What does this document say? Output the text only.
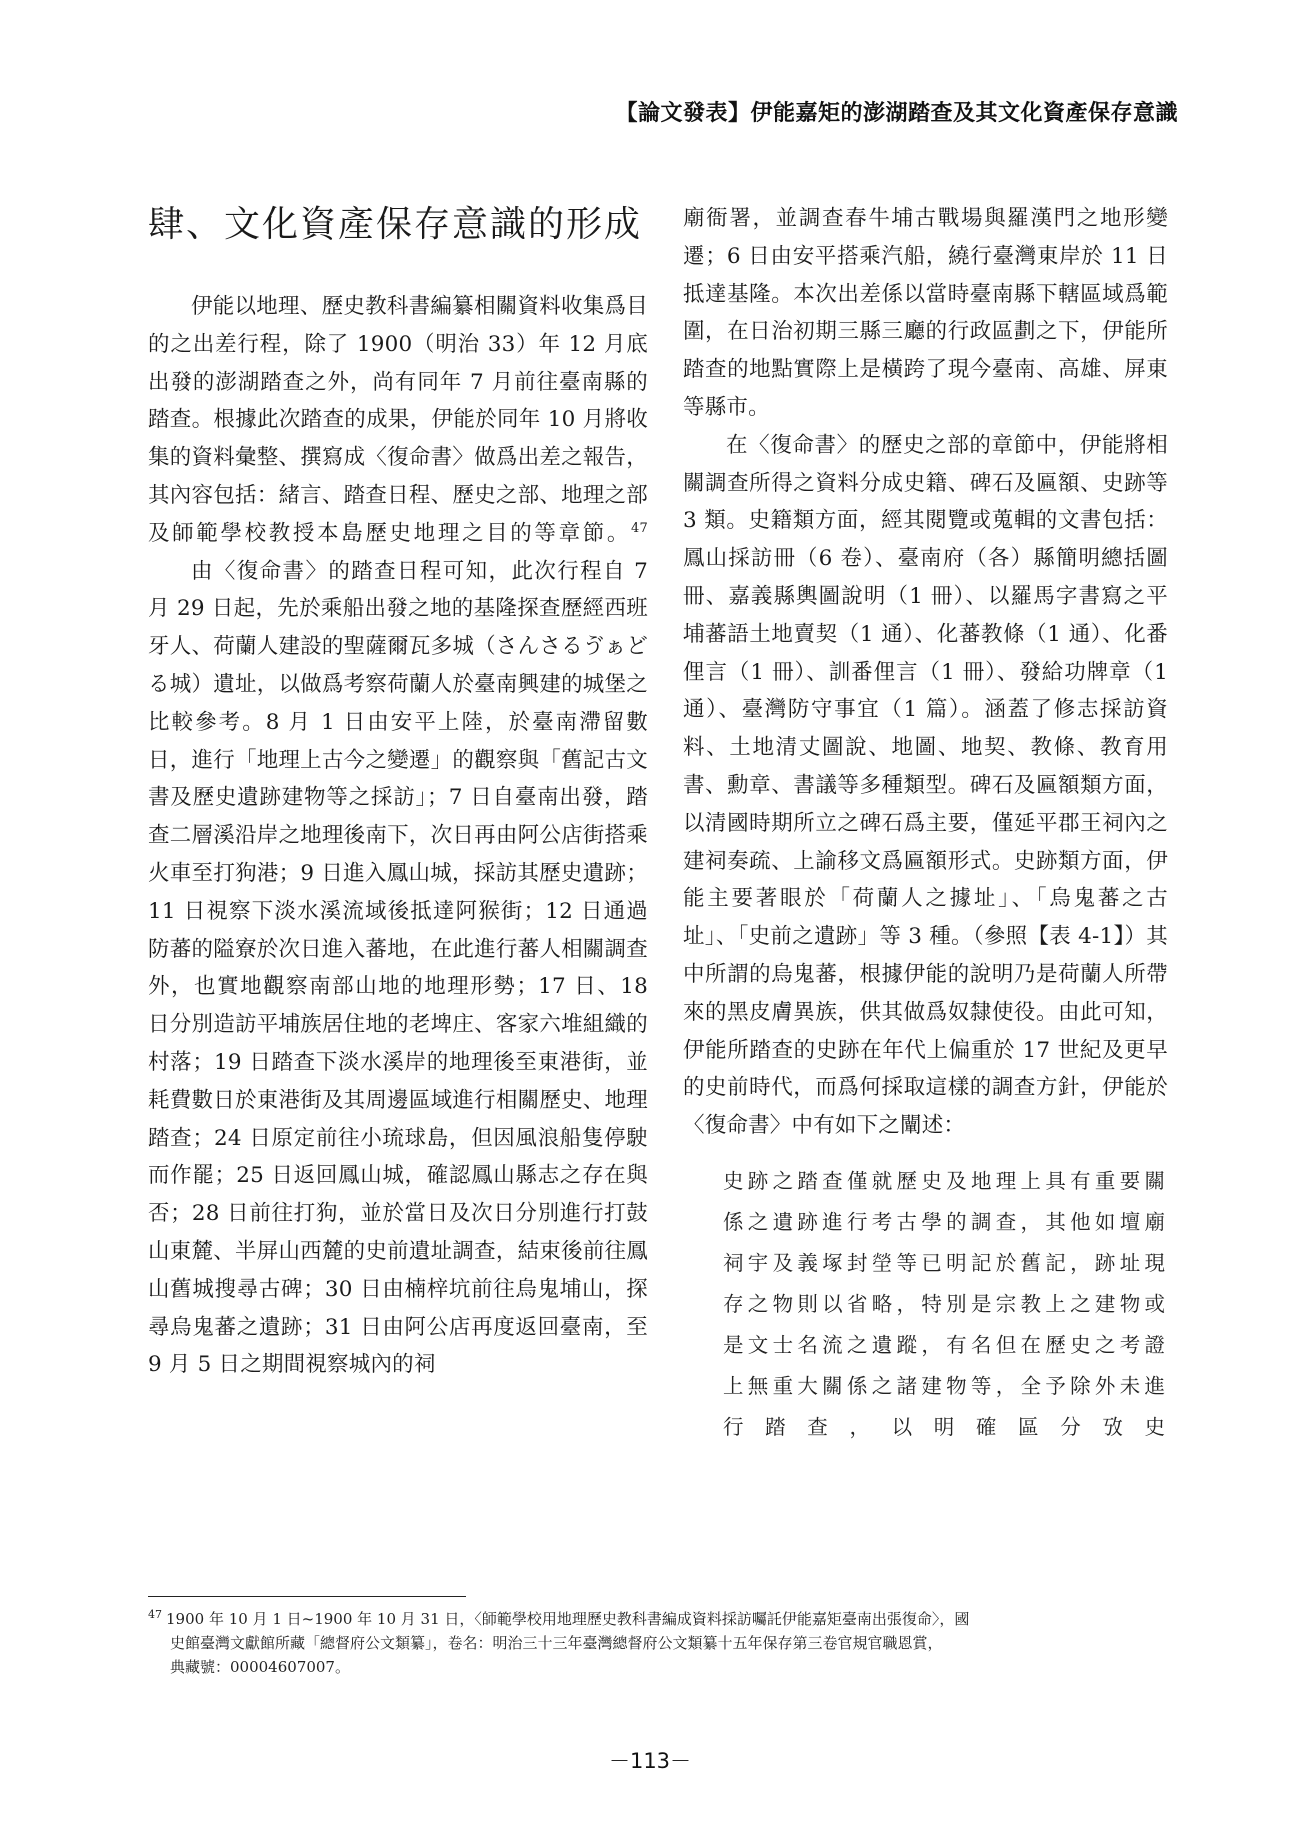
【論文發表】伊能嘉矩的澎湖踏查及其文化資產保存意識
肆、文化資產保存意識的形成

伊能以地理、歷史教科書編纂相關資料收集爲目的之出差行程，除了 1900（明治 33）年 12 月底出發的澎湖踏查之外，尚有同年 7 月前往臺南縣的踏查。根據此次踏查的成果，伊能於同年 10 月將收集的資料彙整、撰寫成〈復命書〉做爲出差之報告，其內容包括：緒言、踏查日程、歷史之部、地理之部及師範學校教授本島歷史地理之目的等章節。$^{47}$

由〈復命書〉的踏查日程可知，此次行程自 7 月 29 日起，先於乘船出發之地的基隆探查歷經西班牙人、荷蘭人建設的聖薩爾瓦多城（さんさるゔぁどる城）遺址，以做爲考察荷蘭人於臺南興建的城堡之比較參考。8 月 1 日由安平上陸，於臺南滯留數日，進行「地理上古今之變遷」的觀察與「舊記古文書及歷史遺跡建物等之採訪」；7 日自臺南出發，踏查二層溪沿岸之地理後南下，次日再由阿公店街搭乘火車至打狗港；9 日進入鳳山城，採訪其歷史遺跡；11 日視察下淡水溪流域後抵達阿猴街；12 日通過防蕃的隘寮於次日進入蕃地，在此進行蕃人相關調查外，也實地觀察南部山地的地理形勢；17 日、18 日分別造訪平埔族居住地的老埤庄、客家六堆組織的村落；19 日踏查下淡水溪岸的地理後至東港街，並耗費數日於東港街及其周邊區域進行相關歷史、地理踏查；24 日原定前往小琉球島，但因風浪船隻停駛而作罷；25 日返回鳳山城，確認鳳山縣志之存在與否；28 日前往打狗，並於當日及次日分別進行打鼓山東麓、半屏山西麓的史前遺址調查，結束後前往鳳山舊城搜尋古碑；30 日由楠梓坑前往烏鬼埔山，探尋烏鬼蕃之遺跡；31 日由阿公店再度返回臺南，至 9 月 5 日之期間視察城內的祠

廟衙署，並調查春牛埔古戰場與羅漢門之地形變遷；6 日由安平搭乘汽船，繞行臺灣東岸於 11 日抵達基隆。本次出差係以當時臺南縣下轄區域爲範圍，在日治初期三縣三廳的行政區劃之下，伊能所踏查的地點實際上是橫跨了現今臺南、高雄、屏東等縣市。

在〈復命書〉的歷史之部的章節中，伊能將相關調查所得之資料分成史籍、碑石及匾額、史跡等 3 類。史籍類方面，經其閱覽或蒐輯的文書包括：鳳山採訪冊（6 卷）、臺南府（各）縣簡明總括圖冊、嘉義縣輿圖說明（1 冊）、以羅馬字書寫之平埔蕃語土地賣契（1 通）、化蕃教條（1 通）、化番俚言（1 冊）、訓番俚言（1 冊）、發給功牌章（1 通）、臺灣防守事宜（1 篇）。涵蓋了修志採訪資料、土地清丈圖說、地圖、地契、教條、教育用書、勳章、書議等多種類型。碑石及匾額類方面，以清國時期所立之碑石爲主要，僅延平郡王祠內之建祠奏疏、上諭移文爲匾額形式。史跡類方面，伊能主要著眼於「荷蘭人之據址」、「烏鬼蕃之古址」、「史前之遺跡」等 3 種。（參照【表 4-1】）其中所謂的烏鬼蕃，根據伊能的說明乃是荷蘭人所帶來的黑皮膚異族，供其做爲奴隸使役。由此可知，伊能所踏查的史跡在年代上偏重於 17 世紀及更早的史前時代，而爲何採取這樣的調查方針，伊能於〈復命書〉中有如下之闡述：

史跡之踏查僅就歷史及地理上具有重要關係之遺跡進行考古學的調查，其他如壇廟祠宇及義塚封塋等已明記於舊記，跡址現存之物則以省略，特別是宗教上之建物或是文士名流之遺蹤，有名但在歷史之考證上無重大關係之諸建物等，全予除外未進行踏查，以明確區分攷史
$^{47}$ 1900 年 10 月 1 日~1900 年 10 月 31 日，〈師範學校用地理歷史教科書編成資料採訪囑託伊能嘉矩臺南出張復命〉，國
史館臺灣文獻館所藏「總督府公文類纂」，卷名：明治三十三年臺灣總督府公文類纂十五年保存第三卷官規官職恩賞，
典藏號：00004607007。
－113－
